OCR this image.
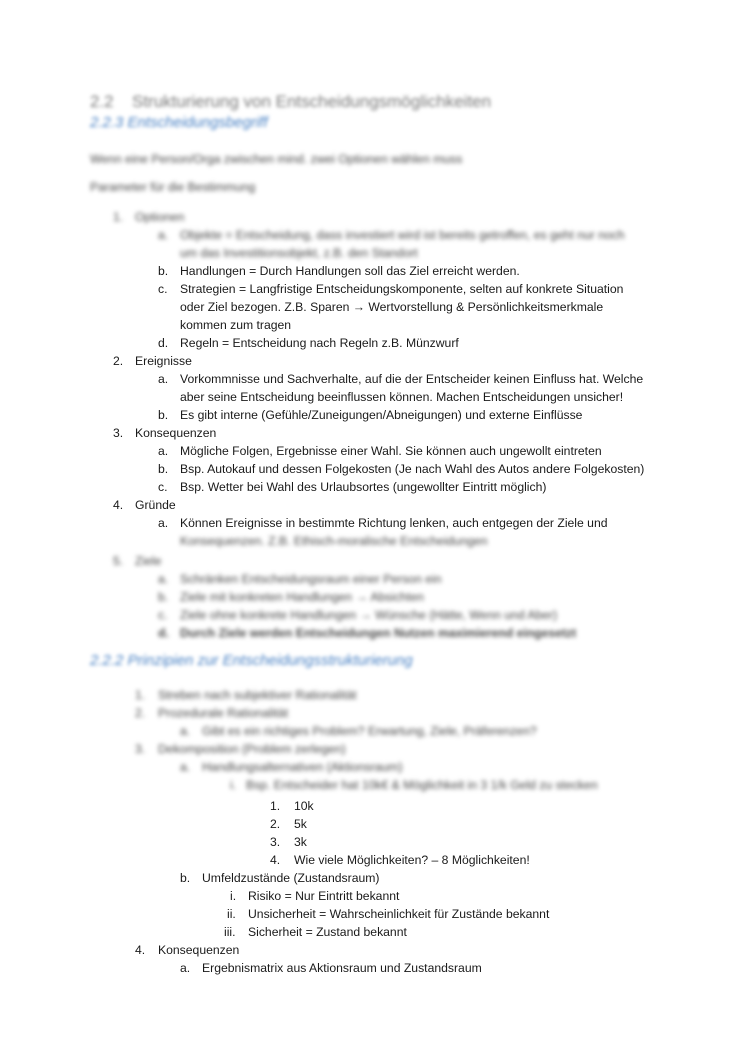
2.2 Strukturierung von Entscheidungsmöglichkeiten
2.2.3 Entscheidungsbegriff
Wenn eine Person/Orga zwischen mind. zwei Optionen wählen muss
Parameter für die Bestimmung
1. Optionen
a. Objekte = Entscheidung, dass investiert wird ist bereits getroffen, es geht nur noch
um das Investitionsobjekt, z.B. den Standort
b. Handlungen = Durch Handlungen soll das Ziel erreicht werden.
c. Strategien = Langfristige Entscheidungskomponente, selten auf konkrete Situation
oder Ziel bezogen. Z.B. Sparen → Wertvorstellung & Persönlichkeitsmerkmale
kommen zum tragen
d. Regeln = Entscheidung nach Regeln z.B. Münzwurf
2. Ereignisse
a. Vorkommnisse und Sachverhalte, auf die der Entscheider keinen Einfluss hat. Welche
aber seine Entscheidung beeinflussen können. Machen Entscheidungen unsicher!
b. Es gibt interne (Gefühle/Zuneigungen/Abneigungen) und externe Einflüsse
3. Konsequenzen
a. Mögliche Folgen, Ergebnisse einer Wahl. Sie können auch ungewollt eintreten
b. Bsp. Autokauf und dessen Folgekosten (Je nach Wahl des Autos andere Folgekosten)
c. Bsp. Wetter bei Wahl des Urlaubsortes (ungewollter Eintritt möglich)
4. Gründe
a. Können Ereignisse in bestimmte Richtung lenken, auch entgegen der Ziele und
Konsequenzen. Z.B. Ethisch-moralische Entscheidungen
5. Ziele
a. Schränken Entscheidungsraum einer Person ein
b. Ziele mit konkreten Handlungen → Absichten
c. Ziele ohne konkrete Handlungen → Wünsche (Hätte, Wenn und Aber)
d. Durch Ziele werden Entscheidungen Nutzen maximierend eingesetzt
2.2.2 Prinzipien zur Entscheidungsstrukturierung
1. Streben nach subjektiver Rationalität
2. Prozedurale Rationalität
a. Gibt es ein richtiges Problem? Erwartung, Ziele, Präferenzen?
3. Dekomposition (Problem zerlegen)
a. Handlungsalternativen (Aktionsraum)
i. Bsp. Entscheider hat 10k€ & Möglichkeit in 3 1/k Geld zu stecken
1. 10k
2. 5k
3. 3k
4. Wie viele Möglichkeiten? – 8 Möglichkeiten!
b. Umfeldzustände (Zustandsraum)
i. Risiko = Nur Eintritt bekannt
ii. Unsicherheit = Wahrscheinlichkeit für Zustände bekannt
iii. Sicherheit = Zustand bekannt
4. Konsequenzen
a. Ergebnismatrix aus Aktionsraum und Zustandsraum
